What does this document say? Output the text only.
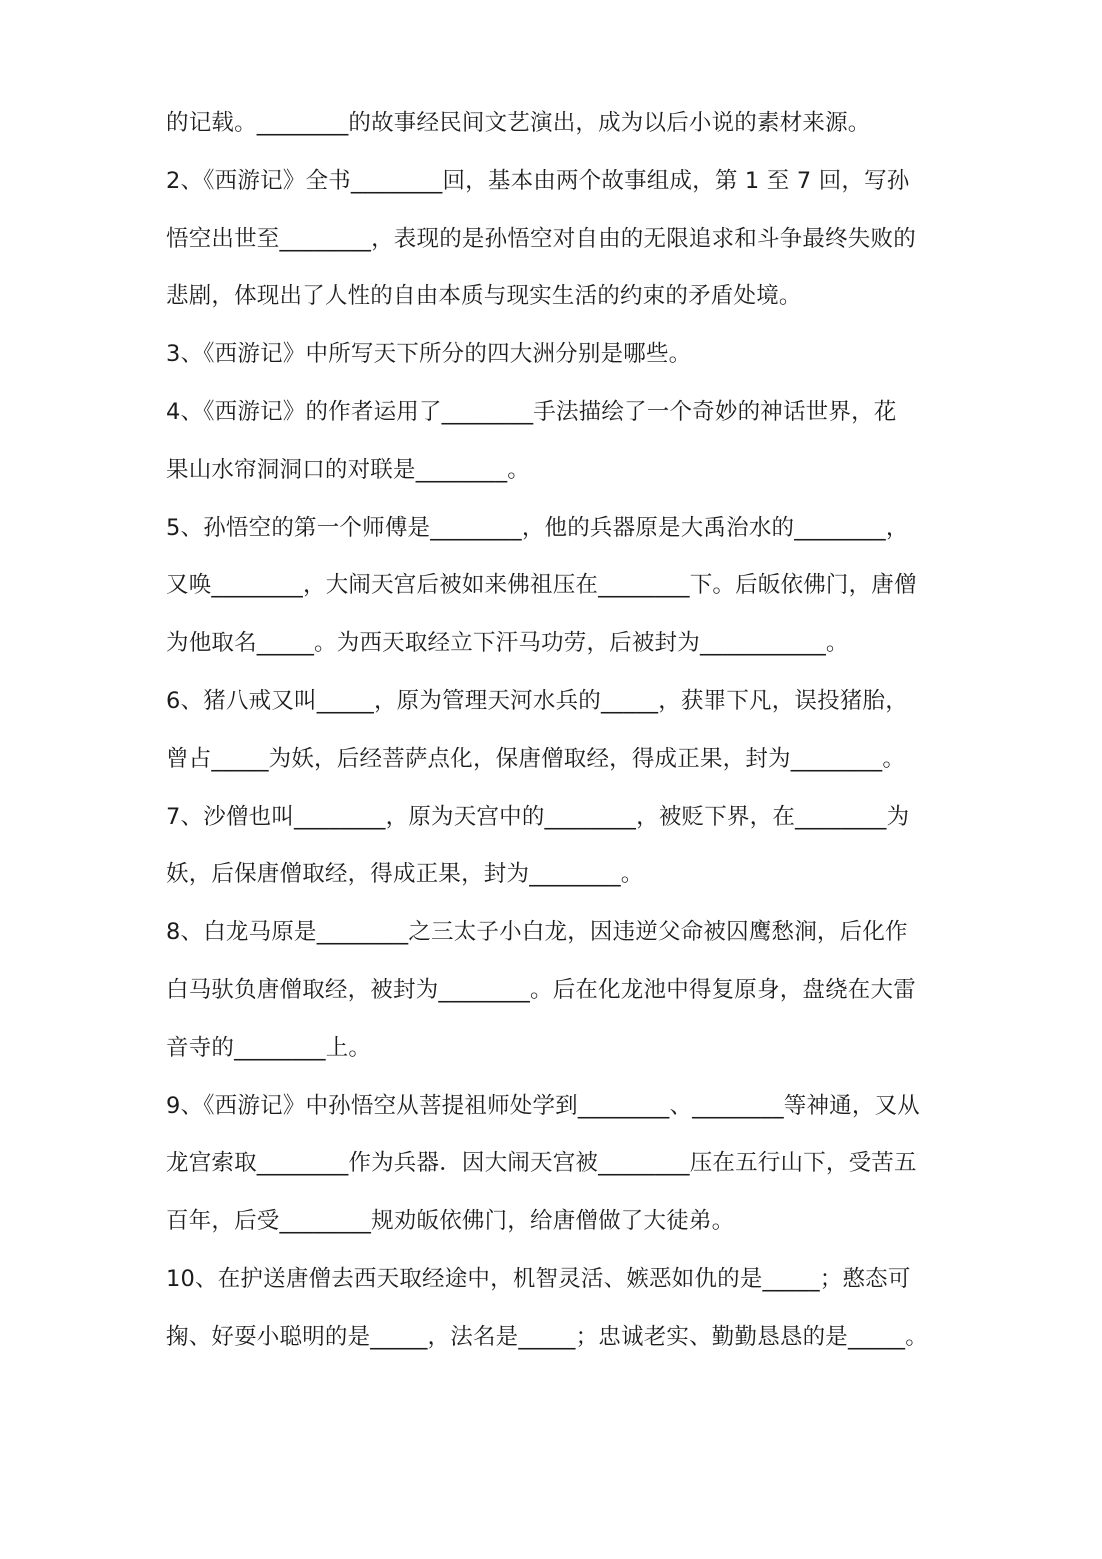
的记载。________的故事经民间文艺演出，成为以后小说的素材来源。
2、《西游记》全书________回，基本由两个故事组成，第 1 至 7 回，写孙
悟空出世至________，表现的是孙悟空对自由的无限追求和斗争最终失败的
悲剧，体现出了人性的自由本质与现实生活的约束的矛盾处境。
3、《西游记》中所写天下所分的四大洲分别是哪些。
4、《西游记》的作者运用了________手法描绘了一个奇妙的神话世界，花
果山水帘洞洞口的对联是________。
5、孙悟空的第一个师傅是________，他的兵器原是大禹治水的________，
又唤________，大闹天宫后被如来佛祖压在________下。后皈依佛门，唐僧
为他取名_____。为西天取经立下汗马功劳，后被封为___________。
6、猪八戒又叫_____，原为管理天河水兵的_____，获罪下凡，误投猪胎，
曾占_____为妖，后经菩萨点化，保唐僧取经，得成正果，封为________。
7、沙僧也叫________，原为天宫中的________，被贬下界，在________为
妖，后保唐僧取经，得成正果，封为________。
8、白龙马原是________之三太子小白龙，因违逆父命被囚鹰愁涧，后化作
白马驮负唐僧取经，被封为________。后在化龙池中得复原身，盘绕在大雷
音寺的________上。
9、《西游记》中孙悟空从菩提祖师处学到________、________等神通，又从
龙宫索取________作为兵器．因大闹天宫被________压在五行山下，受苦五
百年，后受________规劝皈依佛门，给唐僧做了大徒弟。
10、在护送唐僧去西天取经途中，机智灵活、嫉恶如仇的是_____；憨态可
掬、好耍小聪明的是_____，法名是_____；忠诚老实、勤勤恳恳的是_____。
